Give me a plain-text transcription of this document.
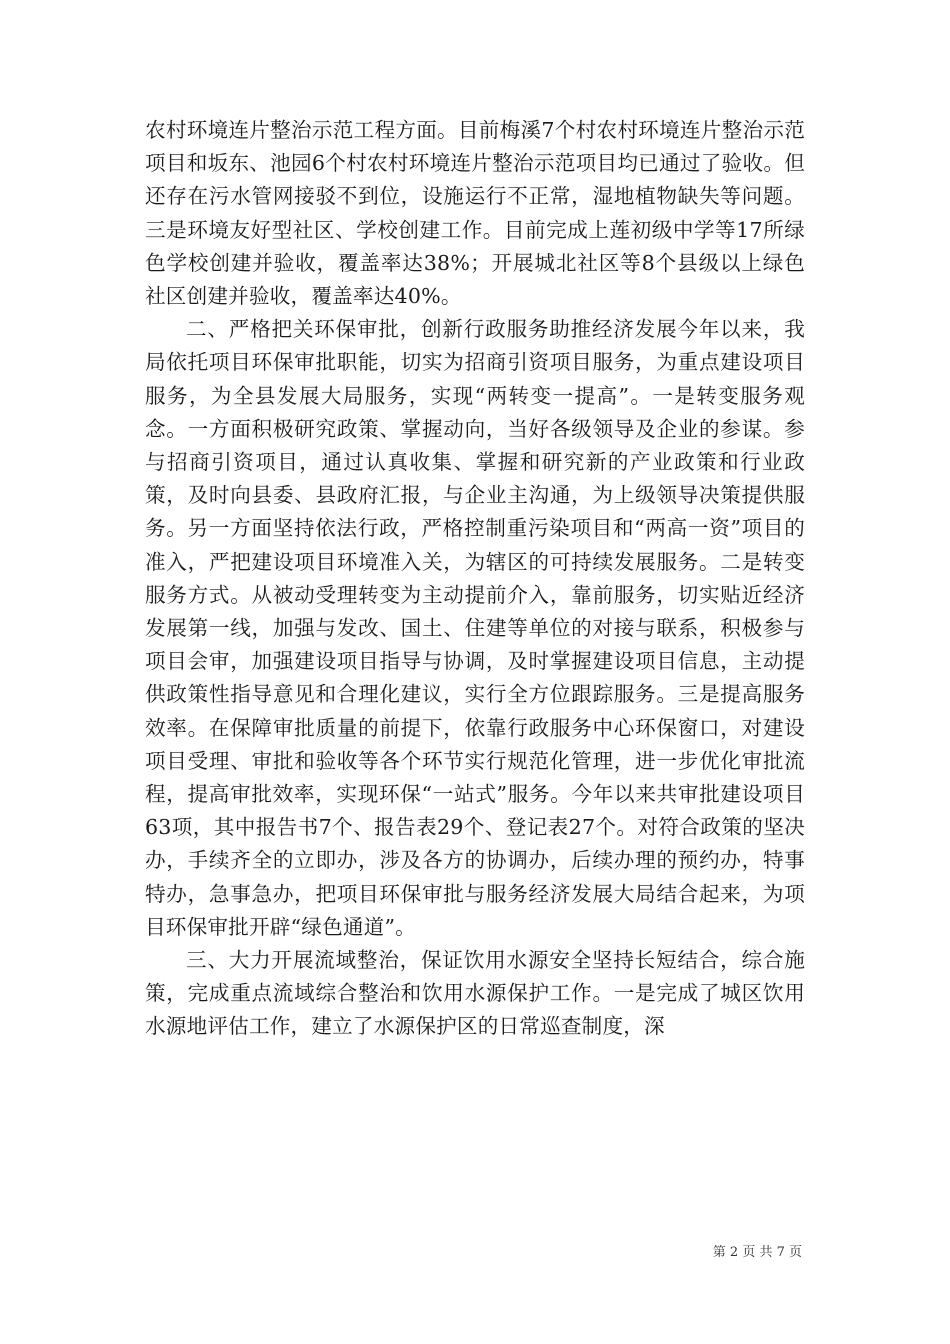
农村环境连片整治示范工程方面。目前梅溪7个村农村环境连片整治示范项目和坂东、池园6个村农村环境连片整治示范项目均已通过了验收。但还存在污水管网接驳不到位，设施运行不正常，湿地植物缺失等问题。三是环境友好型社区、学校创建工作。目前完成上莲初级中学等17所绿色学校创建并验收，覆盖率达38%；开展城北社区等8个县级以上绿色社区创建并验收，覆盖率达40%。

二、严格把关环保审批，创新行政服务助推经济发展今年以来，我局依托项目环保审批职能，切实为招商引资项目服务，为重点建设项目服务，为全县发展大局服务，实现“两转变一提高”。一是转变服务观念。一方面积极研究政策、掌握动向，当好各级领导及企业的参谋。参与招商引资项目，通过认真收集、掌握和研究新的产业政策和行业政策，及时向县委、县政府汇报，与企业主沟通，为上级领导决策提供服务。另一方面坚持依法行政，严格控制重污染项目和“两高一资”项目的准入，严把建设项目环境准入关，为辖区的可持续发展服务。二是转变服务方式。从被动受理转变为主动提前介入，靠前服务，切实贴近经济发展第一线，加强与发改、国土、住建等单位的对接与联系，积极参与项目会审，加强建设项目指导与协调，及时掌握建设项目信息，主动提供政策性指导意见和合理化建议，实行全方位跟踪服务。三是提高服务效率。在保障审批质量的前提下，依靠行政服务中心环保窗口，对建设项目受理、审批和验收等各个环节实行规范化管理，进一步优化审批流程，提高审批效率，实现环保“一站式”服务。今年以来共审批建设项目63项，其中报告书7个、报告表29个、登记表27个。对符合政策的坚决办，手续齐全的立即办，涉及各方的协调办，后续办理的预约办，特事特办，急事急办，把项目环保审批与服务经济发展大局结合起来，为项目环保审批开辟“绿色通道”。

三、大力开展流域整治，保证饮用水源安全坚持长短结合，综合施策，完成重点流域综合整治和饮用水源保护工作。一是完成了城区饮用水源地评估工作，建立了水源保护区的日常巡查制度，深

第 2 页 共 7 页
